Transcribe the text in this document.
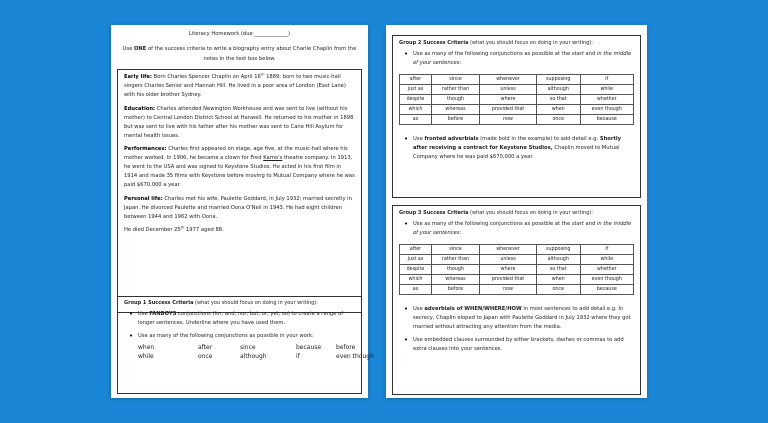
Literacy Homework (due _____________)
Use ONE of the success criteria to write a biography entry about Charlie Chaplin from the notes in the text box below.

Early life: Born Charles Spencer Chaplin on April 16th 1889; born to two music-hall singers Charles Senior and Hannah Hill. He lived in a poor area of London (East Lane) with his older brother Sydney.

Education: Charles attended Newington Workhouse and was sent to live (without his mother) to Central London District School at Hanwell. He returned to his mother in 1898 but was sent to live with his father after his mother was sent to Cane Hill Asylum for mental health issues.

Performances: Charles first appeared on stage, age five, at the music-hall where his mother worked. In 1906, he became a clown for Fred Karno's theatre company. In 1913, he went to the USA and was signed to Keystone Studios. He acted in his first film in 1914 and made 35 films with Keystone before moving to Mutual Company where he was paid $670,000 a year.

Personal life: Charles met his wife, Paulette Goddard, in July 1932; married secretly in Japan. He divorced Paulette and married Oona O'Neil in 1943. He had eight children between 1944 and 1962 with Oona.

He died December 25th 1977 aged 88.

Group 1 Success Criteria (what you should focus on doing in your writing):
• Use FANBOYS conjunctions (for, and, nor, but, or, yet, so) to create a range of longer sentences. Underline where you have used them.
• Use as many of the following conjunctions as possible in your work:
when	after	since	because	before
while	once	although	if	even though
Group 2 Success Criteria (what you should focus on doing in your writing):
• Use as many of the following conjunctions as possible at the start and in the middle of your sentences:
after	since	whenever	supposing	if
just as	rather than	unless	although	while
despite	though	where	so that	whether
which	whereas	provided that	when	even though
as	before	now	once	because
• Use fronted adverbials (made bold in the example) to add detail e.g. Shortly after receiving a contract for Keystone Studios, Chaplin moved to Mutual Company where he was paid $670,000 a year.
Group 3 Success Criteria (what you should focus on doing in your writing):
• Use as many of the following conjunctions as possible at the start and in the middle of your sentences:
after	since	whenever	supposing	if
just as	rather than	unless	although	while
despite	though	where	so that	whether
which	whereas	provided that	when	even though
as	before	now	once	because
• Use adverbials of WHEN/WHERE/HOW in most sentences to add detail e.g. In secrecy, Chaplin eloped to Japan with Paulette Goddard in July 1932 where they got married without attracting any attention from the media.
• Use embedded clauses surrounded by either brackets, dashes or commas to add extra clauses into your sentences.
